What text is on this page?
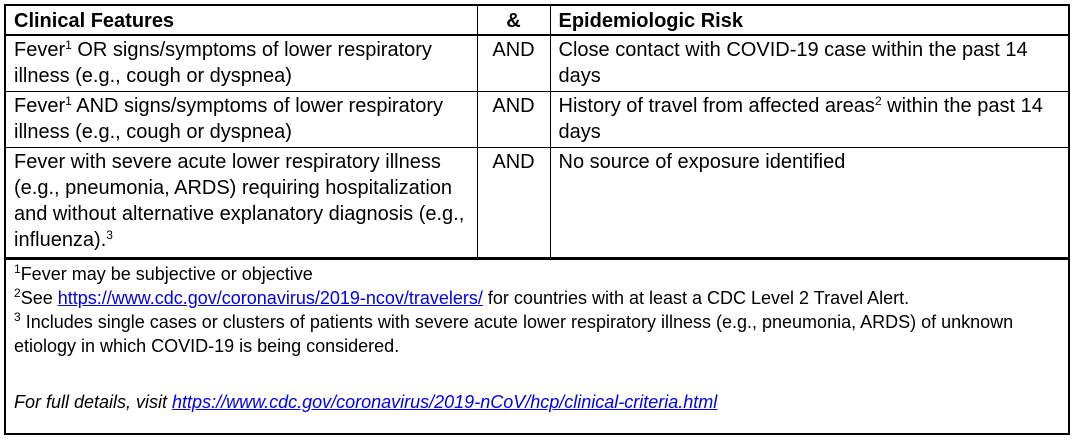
Clinical Features	&	Epidemiologic Risk
Fever$^1$ OR signs/symptoms of lower respiratory illness (e.g., cough or dyspnea)	AND	Close contact with COVID-19 case within the past 14 days
Fever$^1$ AND signs/symptoms of lower respiratory illness (e.g., cough or dyspnea)	AND	History of travel from affected areas$^2$ within the past 14 days
Fever with severe acute lower respiratory illness (e.g., pneumonia, ARDS) requiring hospitalization and without alternative explanatory diagnosis (e.g., influenza).$^3$	AND	No source of exposure identified

$^1$Fever may be subjective or objective

$^2$See https://www.cdc.gov/coronavirus/2019-ncov/travelers/ for countries with at least a CDC Level 2 Travel Alert.

$^3$ Includes single cases or clusters of patients with severe acute lower respiratory illness (e.g., pneumonia, ARDS) of unknown etiology in which COVID-19 is being considered.

For full details, visit https://www.cdc.gov/coronavirus/2019-nCoV/hcp/clinical-criteria.html
